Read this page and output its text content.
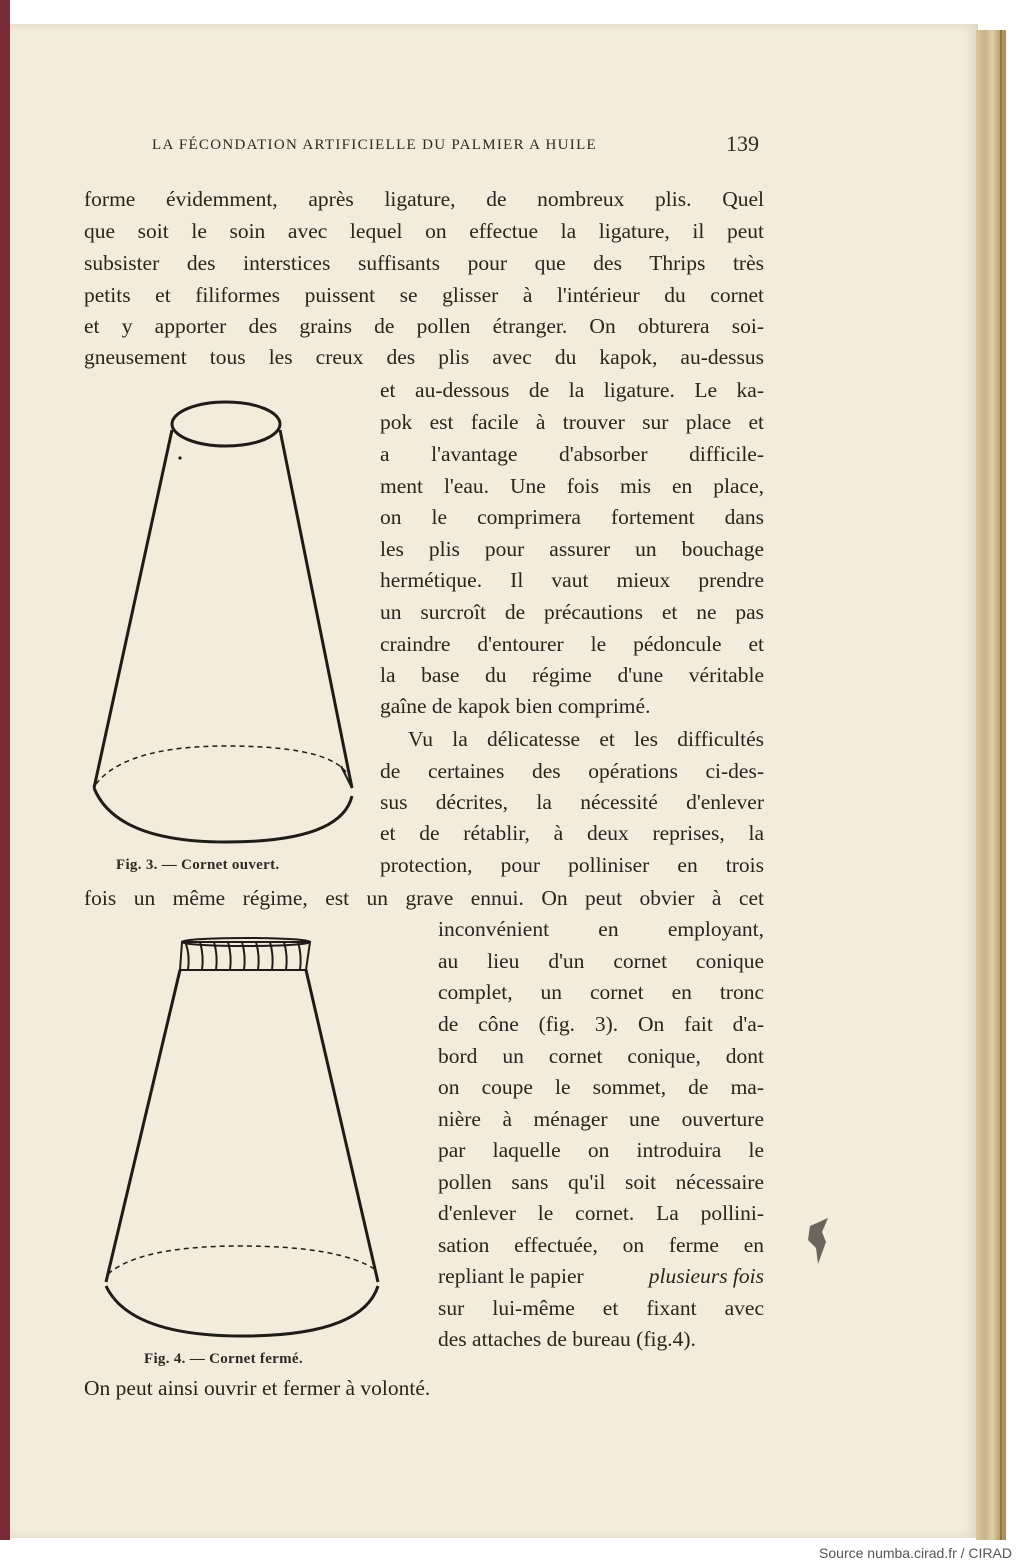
LA FÉCONDATION ARTIFICIELLE DU PALMIER A HUILE	139
forme évidemment, après ligature, de nombreux plis. Quel
que soit le soin avec lequel on effectue la ligature, il peut
subsister des interstices suffisants pour que des Thrips très
petits et filiformes puissent se glisser à l'intérieur du cornet
et y apporter des grains de pollen étranger. On obturera soi-
gneusement tous les creux des plis avec du kapok, au-dessus
et au-dessous de la ligature. Le ka-
pok est facile à trouver sur place et
a l'avantage d'absorber difficile-
ment l'eau. Une fois mis en place,
on le comprimera fortement dans
les plis pour assurer un bouchage
hermétique. Il vaut mieux prendre
un surcroît de précautions et ne pas
craindre d'entourer le pédoncule et
la base du régime d'une véritable
gaîne de kapok bien comprimé.
Vu la délicatesse et les difficultés
de certaines des opérations ci-des-
sus décrites, la nécessité d'enlever
et de rétablir, à deux reprises, la
protection, pour polliniser en trois
fois un même régime, est un grave ennui. On peut obvier à cet
inconvénient en employant,
au lieu d'un cornet conique
complet, un cornet en tronc
de cône (fig. 3). On fait d'a-
bord un cornet conique, dont
on coupe le sommet, de ma-
nière à ménager une ouverture
par laquelle on introduira le
pollen sans qu'il soit nécessaire
d'enlever le cornet. La pollini-
sation effectuée, on ferme en
repliant le papier	plusieurs fois
sur lui-même et fixant avec
des attaches de bureau (fig.4).
On peut ainsi ouvrir et fermer à volonté.
Fig. 3. — Cornet ouvert.
Fig. 4. — Cornet fermé.
Source numba.cirad.fr / CIRAD
